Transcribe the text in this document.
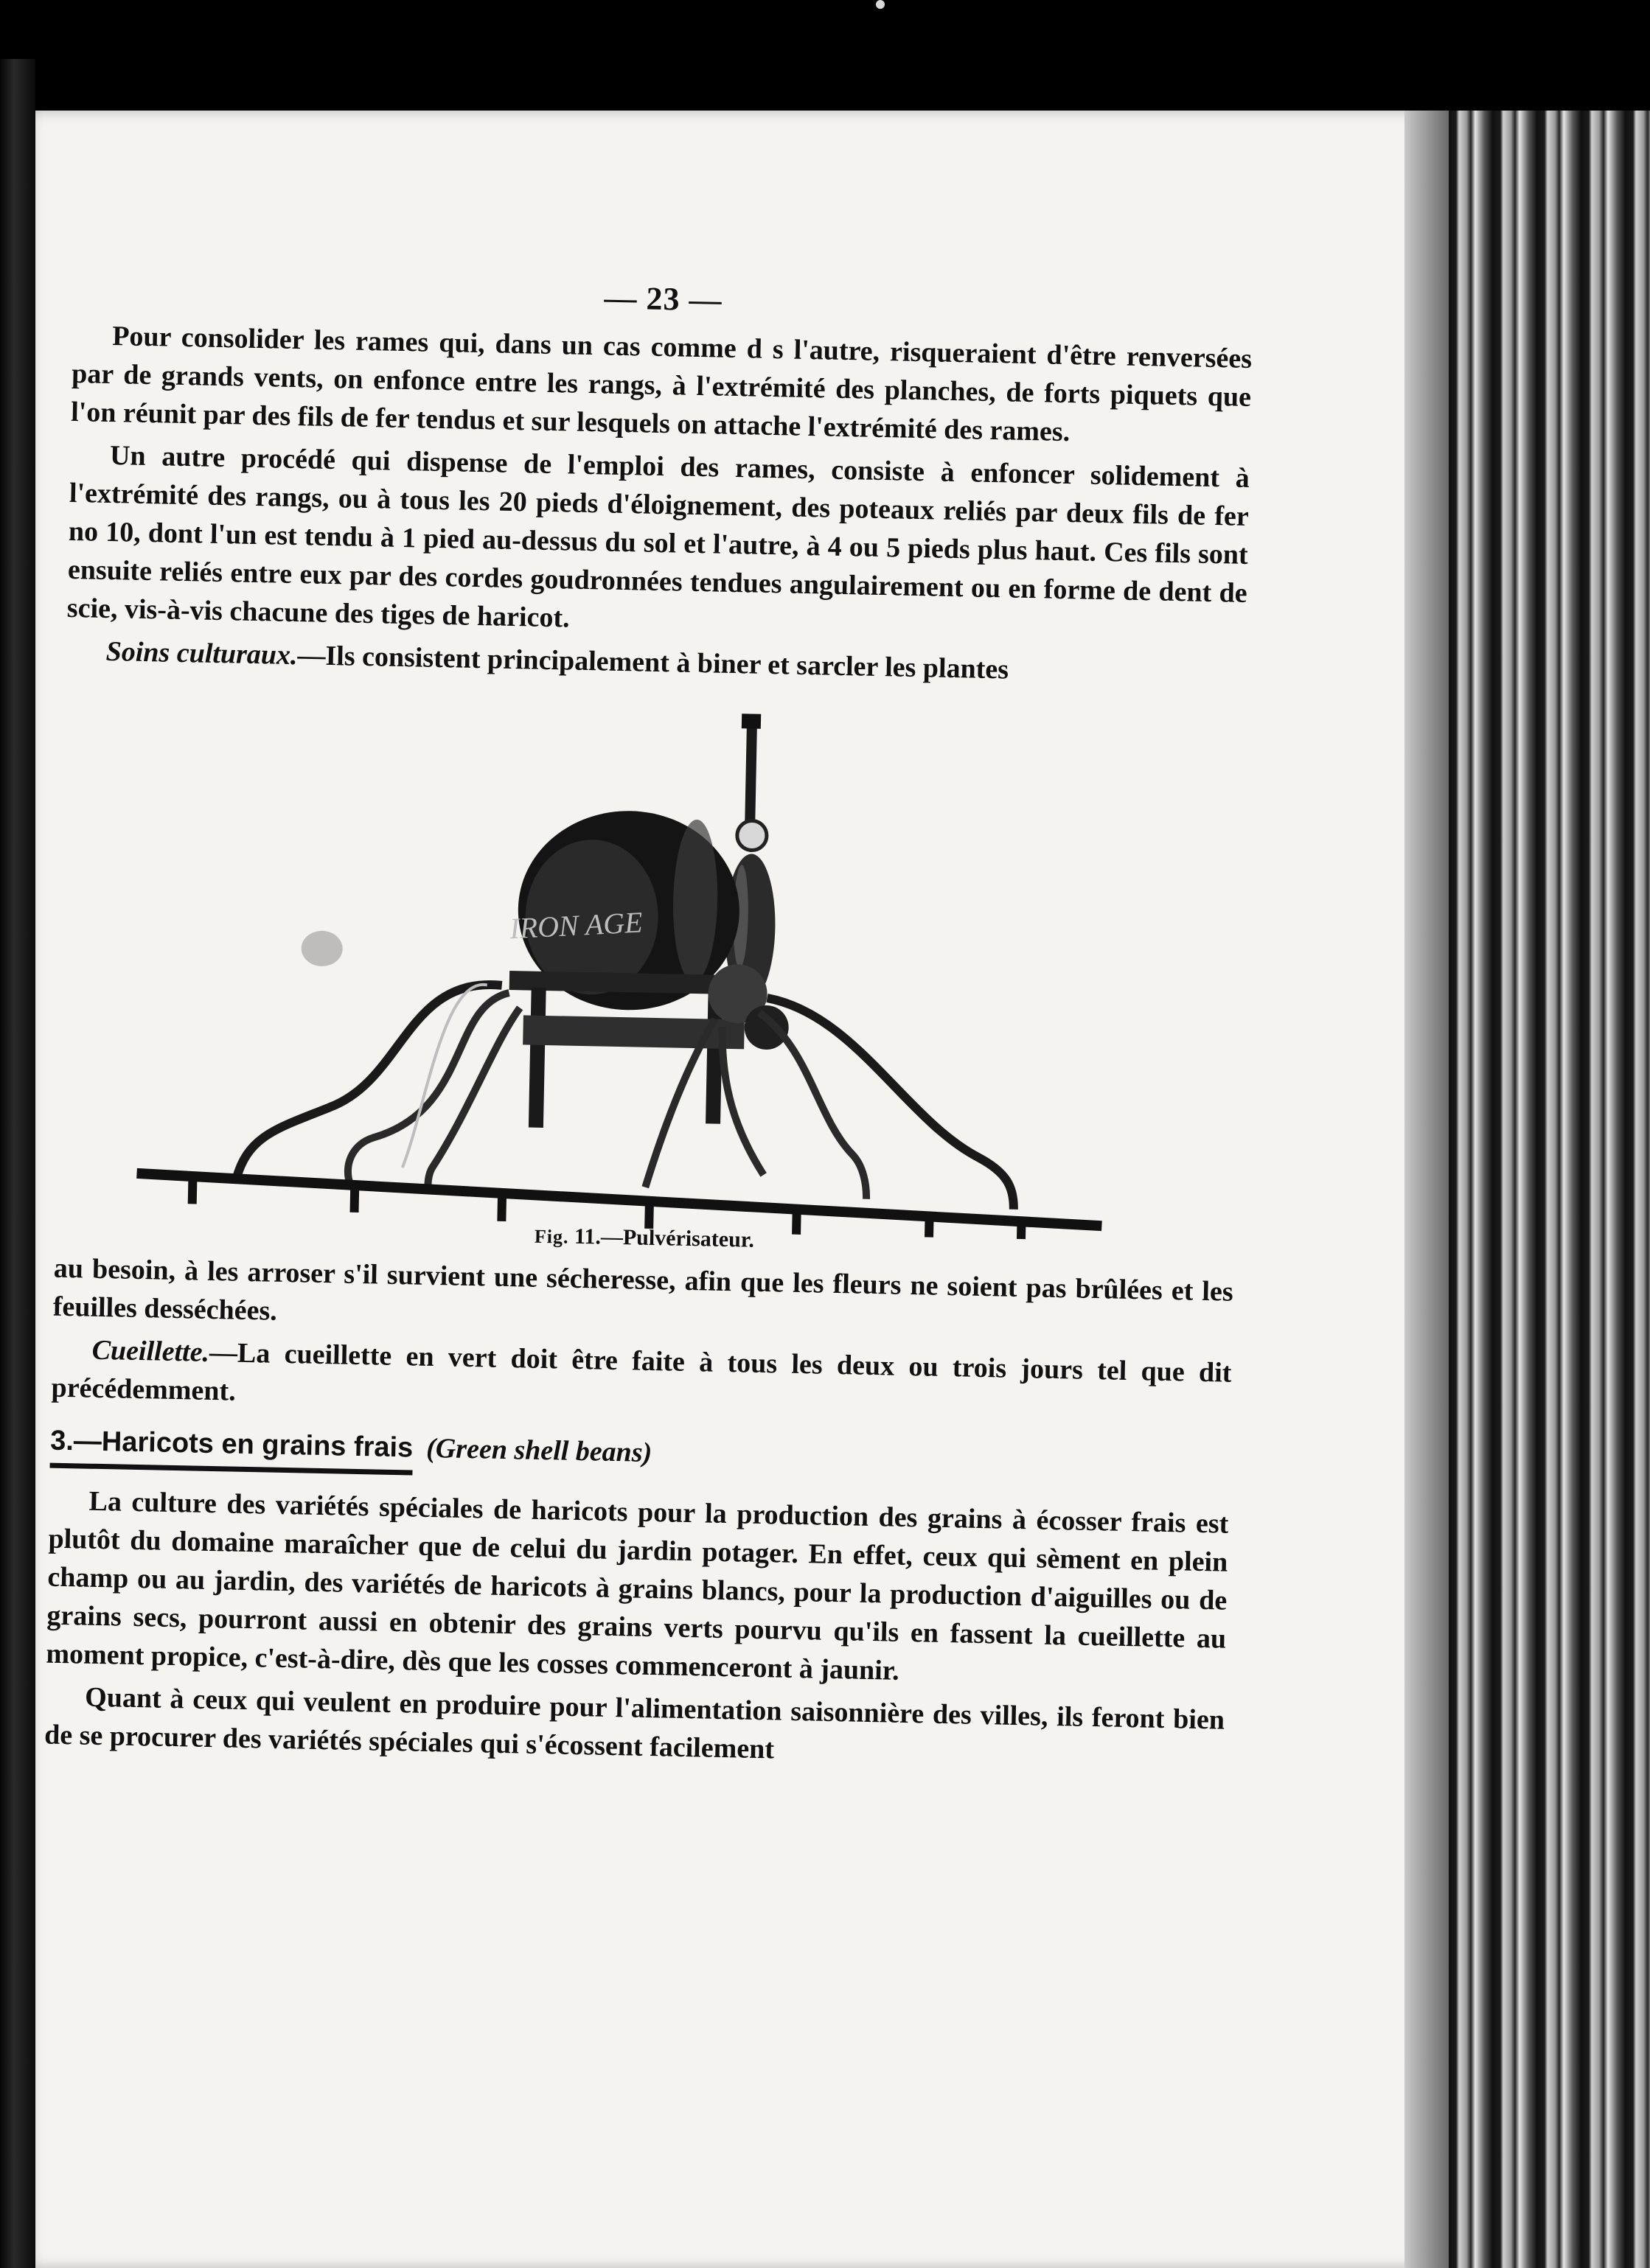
— 23 —

Pour consolider les rames qui, dans un cas comme d s l'autre, risqueraient d'être renversées par de grands vents, on enfonce entre les rangs, à l'extrémité des planches, de forts piquets que l'on réunit par des fils de fer tendus et sur lesquels on attache l'extrémité des rames.

Un autre procédé qui dispense de l'emploi des rames, consiste à enfoncer solidement à l'extrémité des rangs, ou à tous les 20 pieds d'éloignement, des poteaux reliés par deux fils de fer no 10, dont l'un est tendu à 1 pied au-dessus du sol et l'autre, à 4 ou 5 pieds plus haut. Ces fils sont ensuite reliés entre eux par des cordes goudronnées tendues angulairement ou en forme de dent de scie, vis-à-vis chacune des tiges de haricot.

Soins culturaux.—Ils consistent principalement à biner et sarcler les plantes

IRON AGE
Fig. 11.—Pulvérisateur.

au besoin, à les arroser s'il survient une sécheresse, afin que les fleurs ne soient pas brûlées et les feuilles desséchées.

Cueillette.—La cueillette en vert doit être faite à tous les deux ou trois jours tel que dit précédemment.

3.—Haricots en grains frais (Green shell beans)

La culture des variétés spéciales de haricots pour la production des grains à écosser frais est plutôt du domaine maraîcher que de celui du jardin potager. En effet, ceux qui sèment en plein champ ou au jardin, des variétés de haricots à grains blancs, pour la production d'aiguilles ou de grains secs, pourront aussi en obtenir des grains verts pourvu qu'ils en fassent la cueillette au moment propice, c'est-à-dire, dès que les cosses commenceront à jaunir.

Quant à ceux qui veulent en produire pour l'alimentation saisonnière des villes, ils feront bien de se procurer des variétés spéciales qui s'écossent facilement
